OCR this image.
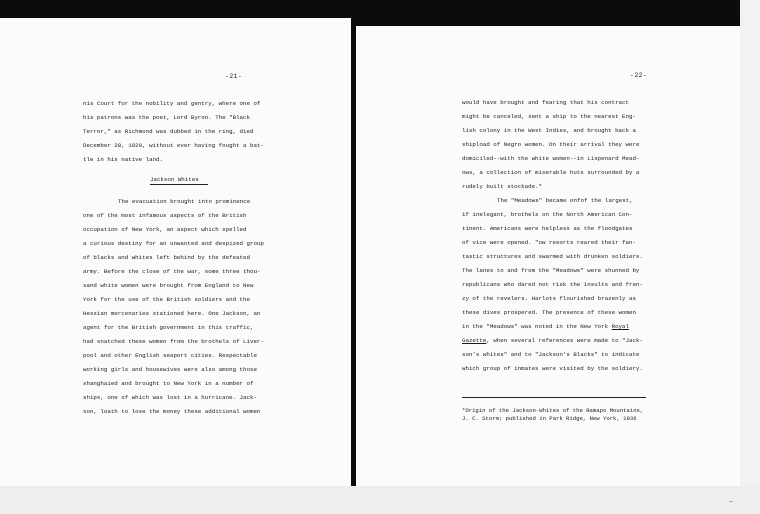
-21-
nis Court for the nobility and gentry, where one of
his patrons was the poet, Lord Byron. The "Black
Terror," as Richmond was dubbed in the ring, died
December 28, 1829, without ever having fought a bat-
tle in his native land.
Jackson Whites
The evacuation brought into prominence
one of the most infamous aspects of the British
occupation of New York, an aspect which spelled
a curious destiny for an unwanted and despized group
of blacks and whites left behind by the defeated
army. Before the close of the war, some three thou-
sand white women were brought from England to New
York for the use of the British soldiers and the
Hessian mercenaries stationed here. One Jackson, an
agent for the British government in this traffic,
had snatched these women from the brothels of Liver-
pool and other English seaport cities. Respectable
working girls and housewives were also among those
shanghaied and brought to New York in a number of
ships, one of which was lost in a hurricane. Jack-
son, loath to lose the money these additional women
-22-
would have brought and fearing that his contract
might be canceled, sent a ship to the nearest Eng-
lish colony in the West Indies, and brought back a
shipload of Negro women. On their arrival they were
domiciled--with the white women--in Lispenard Mead-
ows, a collection of miserable huts surrounded by a
rudely built stockade.*
The "Meadows" became onfof the largest,
if inelegant, brothels on the North American Con-
tinent. Americans were helpless as the floodgates
of vice were opened. "ow resorts reared their fan-
tastic structures and swarmed with drunken soldiers.
The lanes to and from the "Meadows" were shunned by
republicans who dared not risk the insults and fren-
zy of the revelers. Harlots flourished brazenly as
these dives prospered. The presence of these women
in the "Meadows" was noted in the New York Royal
Gazette, when several references were made to "Jack-
son's whites" and to "Jackson's Blacks" to indicate
which group of inmates were visited by the soldiery.
*Origin of the Jackson-Whites of the Ramapo Mountains,
J. C. Storm; published in Park Ridge, New York, 1936
~
